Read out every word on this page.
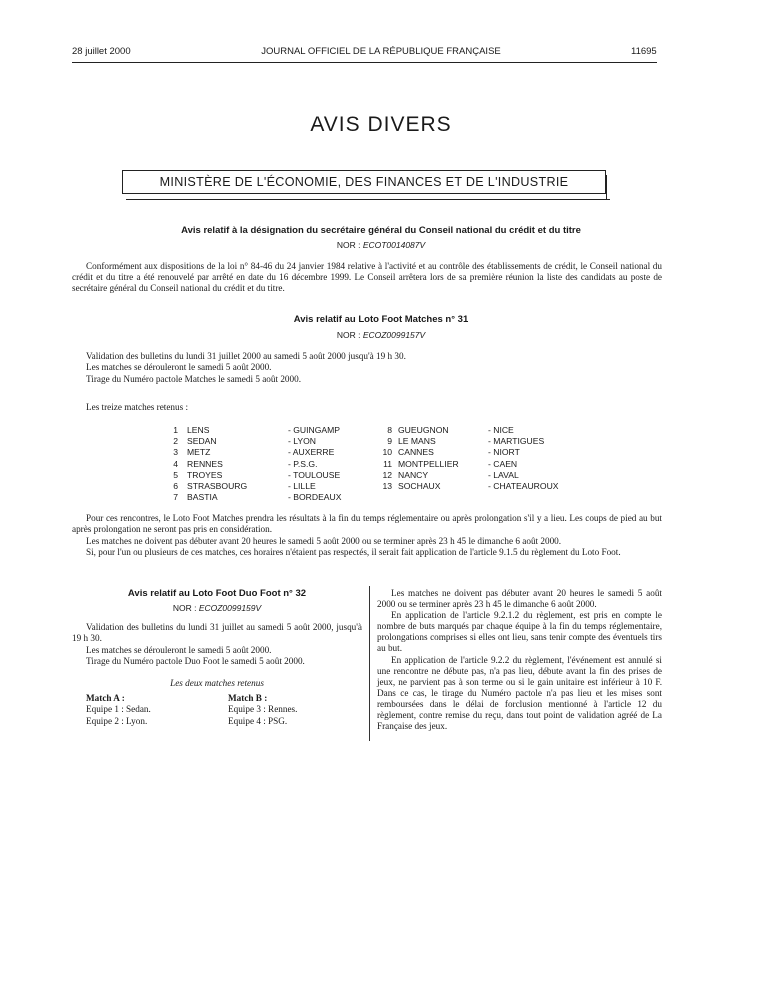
28 juillet 2000	JOURNAL OFFICIEL DE LA RÉPUBLIQUE FRANÇAISE	11695
AVIS DIVERS
MINISTÈRE DE L'ÉCONOMIE, DES FINANCES ET DE L'INDUSTRIE
Avis relatif à la désignation du secrétaire général du Conseil national du crédit et du titre
NOR : ECOT0014087V

Conformément aux dispositions de la loi n° 84-46 du 24 janvier 1984 relative à l'activité et au contrôle des établissements de crédit, le Conseil national du crédit et du titre a été renouvelé par arrêté en date du 16 décembre 1999. Le Conseil arrêtera lors de sa première réunion la liste des candidats au poste de secrétaire général du Conseil national du crédit et du titre.

Avis relatif au Loto Foot Matches n° 31
NOR : ECOZ0099157V
Validation des bulletins du lundi 31 juillet 2000 au samedi 5 août 2000 jusqu'à 19 h 30.
Les matches se dérouleront le samedi 5 août 2000.
Tirage du Numéro pactole Matches le samedi 5 août 2000.
Les treize matches retenus :
1
2
3
4
5
6
7
LENS
SEDAN
METZ
RENNES
TROYES
STRASBOURG
BASTIA
- GUINGAMP
- LYON
- AUXERRE
- P.S.G.
- TOULOUSE
- LILLE
- BORDEAUX
8
9
10
11
12
13
GUEUGNON
LE MANS
CANNES
MONTPELLIER
NANCY
SOCHAUX
- NICE
- MARTIGUES
- NIORT
- CAEN
- LAVAL
- CHATEAUROUX

Pour ces rencontres, le Loto Foot Matches prendra les résultats à la fin du temps réglementaire ou après prolongation s'il y a lieu. Les coups de pied au but après prolongation ne seront pas pris en considération.

Les matches ne doivent pas débuter avant 20 heures le samedi 5 août 2000 ou se terminer après 23 h 45 le dimanche 6 août 2000.

Si, pour l'un ou plusieurs de ces matches, ces horaires n'étaient pas respectés, il serait fait application de l'article 9.1.5 du règlement du Loto Foot.

Avis relatif au Loto Foot Duo Foot n° 32
NOR : ECOZ0099159V

Validation des bulletins du lundi 31 juillet au samedi 5 août 2000, jusqu'à 19 h 30.

Les matches se dérouleront le samedi 5 août 2000.

Tirage du Numéro pactole Duo Foot le samedi 5 août 2000.

Les deux matches retenus
Match A :
Equipe 1 : Sedan.
Equipe 2 : Lyon.
Match B :
Equipe 3 : Rennes.
Equipe 4 : PSG.

Les matches ne doivent pas débuter avant 20 heures le samedi 5 août 2000 ou se terminer après 23 h 45 le dimanche 6 août 2000.

En application de l'article 9.2.1.2 du règlement, est pris en compte le nombre de buts marqués par chaque équipe à la fin du temps réglementaire, prolongations comprises si elles ont lieu, sans tenir compte des éventuels tirs au but.

En application de l'article 9.2.2 du règlement, l'événement est annulé si une rencontre ne débute pas, n'a pas lieu, débute avant la fin des prises de jeux, ne parvient pas à son terme ou si le gain unitaire est inférieur à 10 F. Dans ce cas, le tirage du Numéro pactole n'a pas lieu et les mises sont remboursées dans le délai de forclusion mentionné à l'article 12 du règlement, contre remise du reçu, dans tout point de validation agréé de La Française des jeux.
